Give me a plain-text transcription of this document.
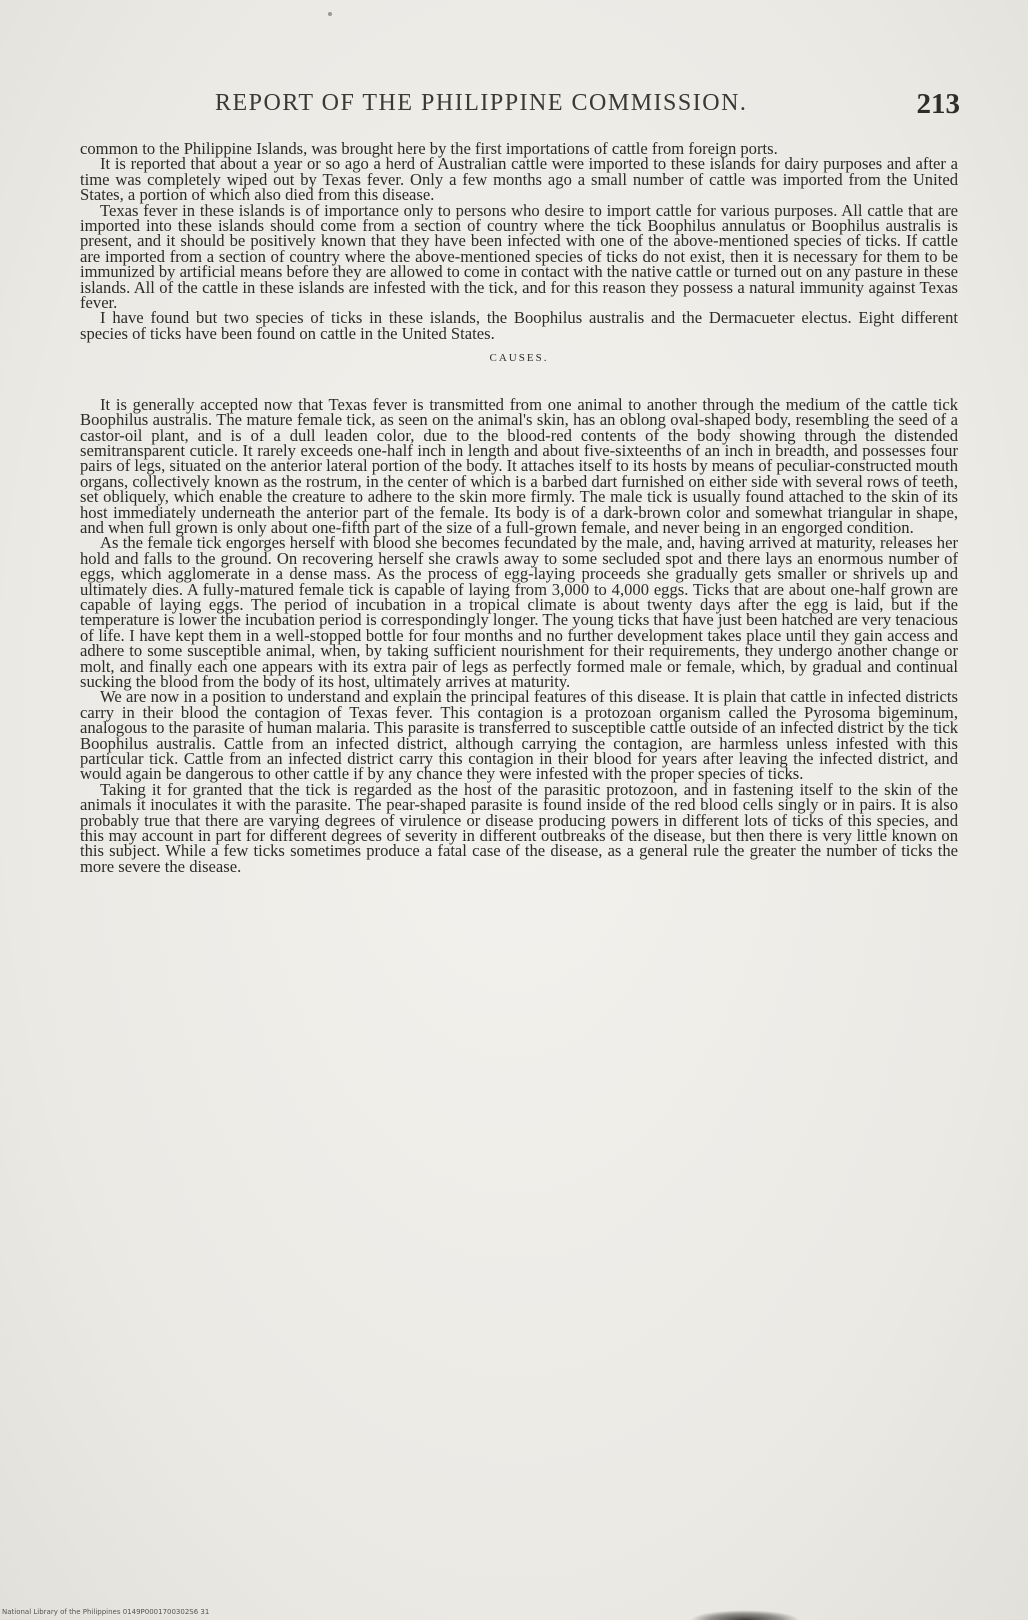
REPORT OF THE PHILIPPINE COMMISSION.	213

common to the Philippine Islands, was brought here by the first importations of cattle from foreign ports.

It is reported that about a year or so ago a herd of Australian cattle were imported to these islands for dairy purposes and after a time was completely wiped out by Texas fever. Only a few months ago a small number of cattle was imported from the United States, a portion of which also died from this disease.

Texas fever in these islands is of importance only to persons who desire to import cattle for various purposes. All cattle that are imported into these islands should come from a section of country where the tick Boophilus annulatus or Boophilus australis is present, and it should be positively known that they have been infected with one of the above-mentioned species of ticks. If cattle are imported from a section of country where the above-mentioned species of ticks do not exist, then it is necessary for them to be immunized by artificial means before they are allowed to come in contact with the native cattle or turned out on any pasture in these islands. All of the cattle in these islands are infested with the tick, and for this reason they possess a natural immunity against Texas fever.

I have found but two species of ticks in these islands, the Boophilus australis and the Dermacueter electus. Eight different species of ticks have been found on cattle in the United States.

CAUSES.

It is generally accepted now that Texas fever is transmitted from one animal to another through the medium of the cattle tick Boophilus australis. The mature female tick, as seen on the animal's skin, has an oblong oval-shaped body, resembling the seed of a castor-oil plant, and is of a dull leaden color, due to the blood-red contents of the body showing through the distended semitransparent cuticle. It rarely exceeds one-half inch in length and about five-sixteenths of an inch in breadth, and possesses four pairs of legs, situated on the anterior lateral portion of the body. It attaches itself to its hosts by means of peculiar-constructed mouth organs, collectively known as the rostrum, in the center of which is a barbed dart furnished on either side with several rows of teeth, set obliquely, which enable the creature to adhere to the skin more firmly. The male tick is usually found attached to the skin of its host immediately underneath the anterior part of the female. Its body is of a dark-brown color and somewhat triangular in shape, and when full grown is only about one-fifth part of the size of a full-grown female, and never being in an engorged condition.

As the female tick engorges herself with blood she becomes fecundated by the male, and, having arrived at maturity, releases her hold and falls to the ground. On recovering herself she crawls away to some secluded spot and there lays an enormous number of eggs, which agglomerate in a dense mass. As the process of egg-laying proceeds she gradually gets smaller or shrivels up and ultimately dies. A fully-matured female tick is capable of laying from 3,000 to 4,000 eggs. Ticks that are about one-half grown are capable of laying eggs. The period of incubation in a tropical climate is about twenty days after the egg is laid, but if the temperature is lower the incubation period is correspondingly longer. The young ticks that have just been hatched are very tenacious of life. I have kept them in a well-stopped bottle for four months and no further development takes place until they gain access and adhere to some susceptible animal, when, by taking sufficient nourishment for their requirements, they undergo another change or molt, and finally each one appears with its extra pair of legs as perfectly formed male or female, which, by gradual and continual sucking the blood from the body of its host, ultimately arrives at maturity.

We are now in a position to understand and explain the principal features of this disease. It is plain that cattle in infected districts carry in their blood the contagion of Texas fever. This contagion is a protozoan organism called the Pyrosoma bigeminum, analogous to the parasite of human malaria. This parasite is transferred to susceptible cattle outside of an infected district by the tick Boophilus australis. Cattle from an infected district, although carrying the contagion, are harmless unless infested with this particular tick. Cattle from an infected district carry this contagion in their blood for years after leaving the infected district, and would again be dangerous to other cattle if by any chance they were infested with the proper species of ticks.

Taking it for granted that the tick is regarded as the host of the parasitic protozoon, and in fastening itself to the skin of the animals it inoculates it with the parasite. The pear-shaped parasite is found inside of the red blood cells singly or in pairs. It is also probably true that there are varying degrees of virulence or disease producing powers in different lots of ticks of this species, and this may account in part for different degrees of severity in different outbreaks of the disease, but then there is very little known on this subject. While a few ticks sometimes produce a fatal case of the disease, as a general rule the greater the number of ticks the more severe the disease.

National Library of the Philippines 0149P0001700302S6 31
